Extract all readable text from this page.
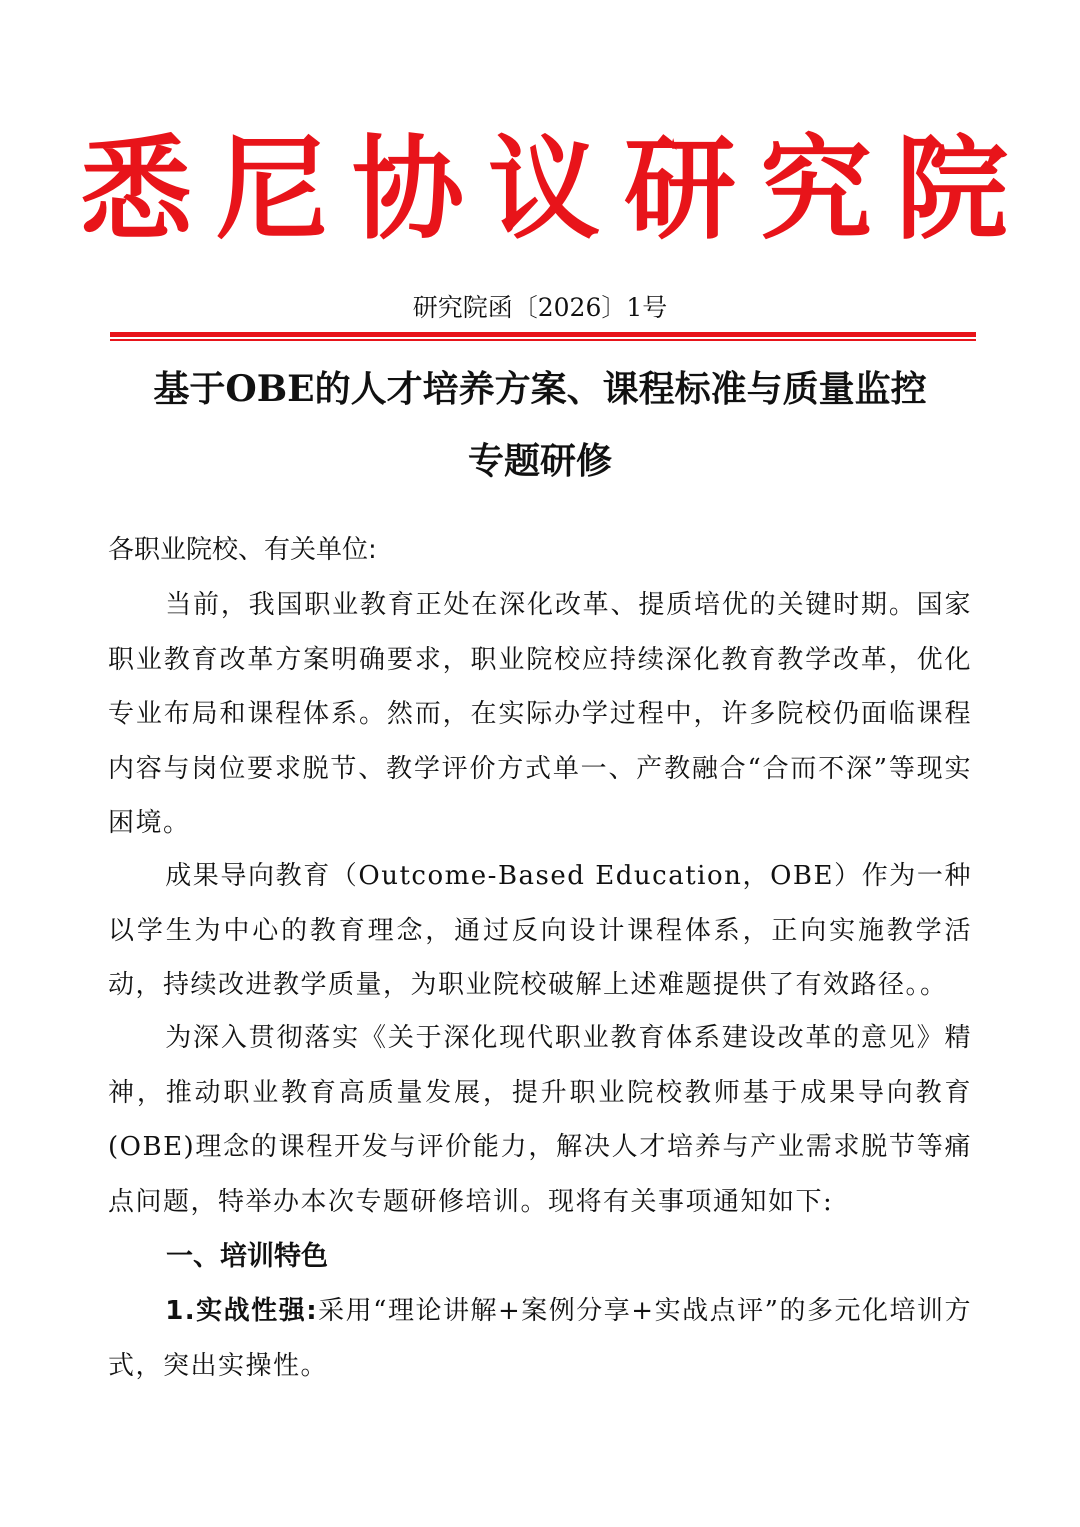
悉尼协议研究院
研究院函〔2026〕1号
基于OBE的人才培养方案、课程标准与质量监控
专题研修
各职业院校、有关单位:

当前，我国职业教育正处在深化改革、提质培优的关键时期。国家职业教育改革方案明确要求，职业院校应持续深化教育教学改革，优化专业布局和课程体系。然而，在实际办学过程中，许多院校仍面临课程内容与岗位要求脱节、教学评价方式单一、产教融合“合而不深”等现实困境。

成果导向教育（Outcome-Based Education，OBE）作为一种以学生为中心的教育理念，通过反向设计课程体系，正向实施教学活动，持续改进教学质量，为职业院校破解上述难题提供了有效路径。。

为深入贯彻落实《关于深化现代职业教育体系建设改革的意见》精神，推动职业教育高质量发展，提升职业院校教师基于成果导向教育(OBE)理念的课程开发与评价能力，解决人才培养与产业需求脱节等痛点问题，特举办本次专题研修培训。现将有关事项通知如下:

一、培训特色

1.实战性强:采用“理论讲解+案例分享+实战点评”的多元化培训方式，突出实操性。
